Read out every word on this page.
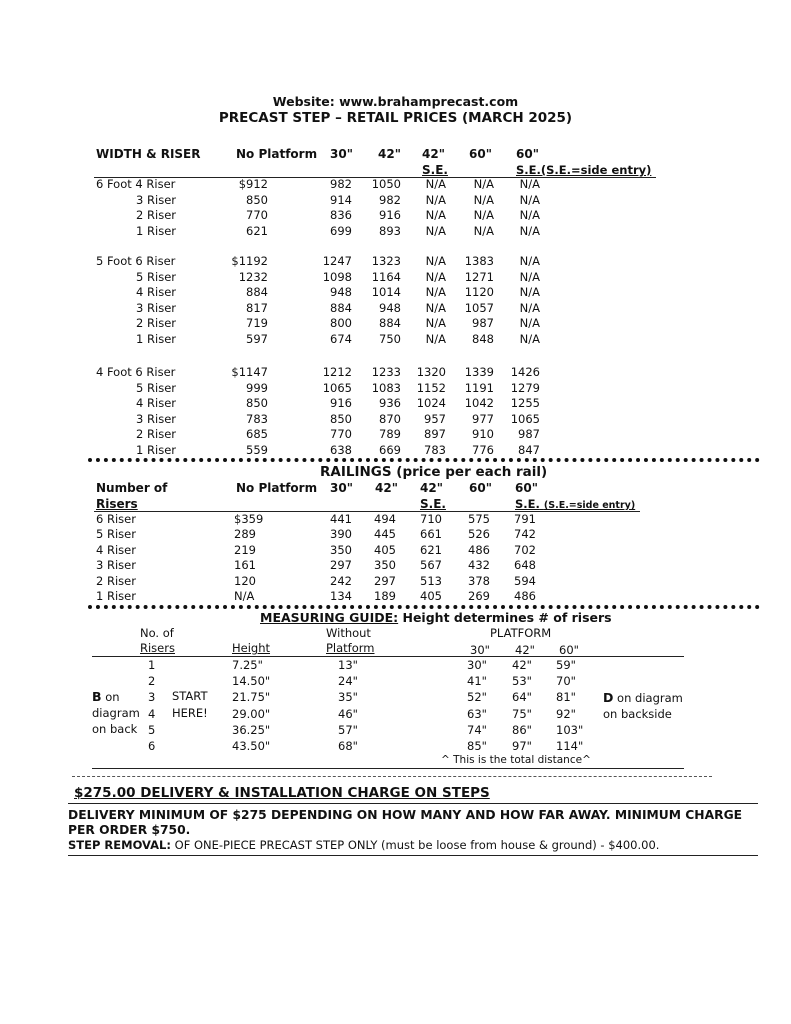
Website: www.brahamprecast.com
PRECAST STEP – RETAIL PRICES (MARCH 2025)
WIDTH & RISER	No Platform 30" 42" 42"
S.E.
60" 60"
S.E.(S.E.=side entry)
6 Foot 4 Riser	$912	982	1050	N/A	N/A	N/A
3 Riser	850	914	982	N/A	N/A	N/A
2 Riser	770	836	916	N/A	N/A	N/A
1 Riser	621	699	893	N/A	N/A	N/A
5 Foot 6 Riser	$1192	1247	1323	N/A	1383	N/A
5 Riser	1232	1098	1164	N/A	1271	N/A
4 Riser	884	948	1014	N/A	1120	N/A
3 Riser	817	884	948	N/A	1057	N/A
2 Riser	719	800	884	N/A	987	N/A
1 Riser	597	674	750	N/A	848	N/A
4 Foot 6 Riser	$1147	1212	1233	1320	1339	1426
5 Riser	999	1065	1083	1152	1191	1279
4 Riser	850	916	936	1024	1042	1255
3 Riser	783	850	870	957	977	1065
2 Riser	685	770	789	897	910	987
1 Riser	559	638	669	783	776	847
RAILINGS (price per each rail)
Number of
Risers
No Platform 30" 42" 42"
S.E.
60" 60"
S.E. (S.E.=side entry)
6 Riser	$359	441 494 710 575 791
5 Riser	289	390 445 661 526 742
4 Riser	219	350 405 621 486 702
3 Riser	161	297 350 567 432 648
2 Riser	120	242 297 513 378 594
1 Riser	N/A	134 189 405 269 486
MEASURING GUIDE: Height determines # of risers
No. of	Without	PLATFORM
Risers	Height	Platform	30" 42" 60"
1	7.25"	13"	30" 42" 59"
2	14.50"	24"	41" 53" 70"
3	21.75"	35"	52" 64" 81"
4	29.00"	46"	63" 75" 92"
5	36.25"	57"	74" 86" 103"
6	43.50"	68"	85" 97" 114"
B on
diagram
on back
START
HERE!
D on diagram
on backside
^ This is the total distance^
$275.00 DELIVERY & INSTALLATION CHARGE ON STEPS
DELIVERY MINIMUM OF $275 DEPENDING ON HOW MANY AND HOW FAR AWAY. MINIMUM CHARGE
PER ORDER $750.
STEP REMOVAL: OF ONE-PIECE PRECAST STEP ONLY (must be loose from house & ground) - $400.00.
